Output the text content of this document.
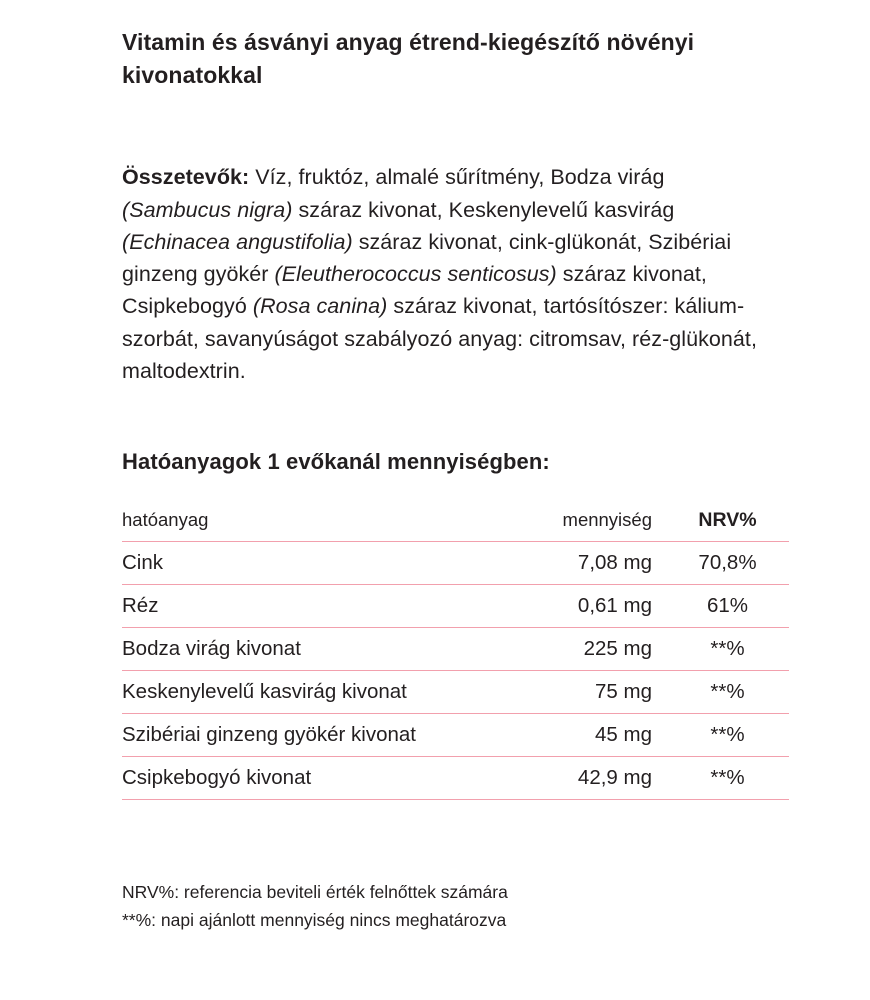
Vitamin és ásványi anyag étrend-kiegészítő növényi kivonatokkal

Összetevők: Víz, fruktóz, almalé sűrítmény, Bodza virág (Sambucus nigra) száraz kivonat, Keskenylevelű kasvirág (Echinacea angustifolia) száraz kivonat, cink-glükonát, Szibériai ginzeng gyökér (Eleutherococcus senticosus) száraz kivonat, Csipkebogyó (Rosa canina) száraz kivonat, tartósítószer: kálium-szorbát, savanyúságot szabályozó anyag: citromsav, réz-glükonát, maltodextrin.

Hatóanyagok 1 evőkanál mennyiségben:
hatóanyag	mennyiség	NRV%
Cink	7,08 mg	70,8%
Réz	0,61 mg	61%
Bodza virág kivonat	225 mg	**%
Keskenylevelű kasvirág kivonat	75 mg	**%
Szibériai ginzeng gyökér kivonat	45 mg	**%
Csipkebogyó kivonat	42,9 mg	**%
NRV%: referencia beviteli érték felnőttek számára
**%: napi ajánlott mennyiség nincs meghatározva
